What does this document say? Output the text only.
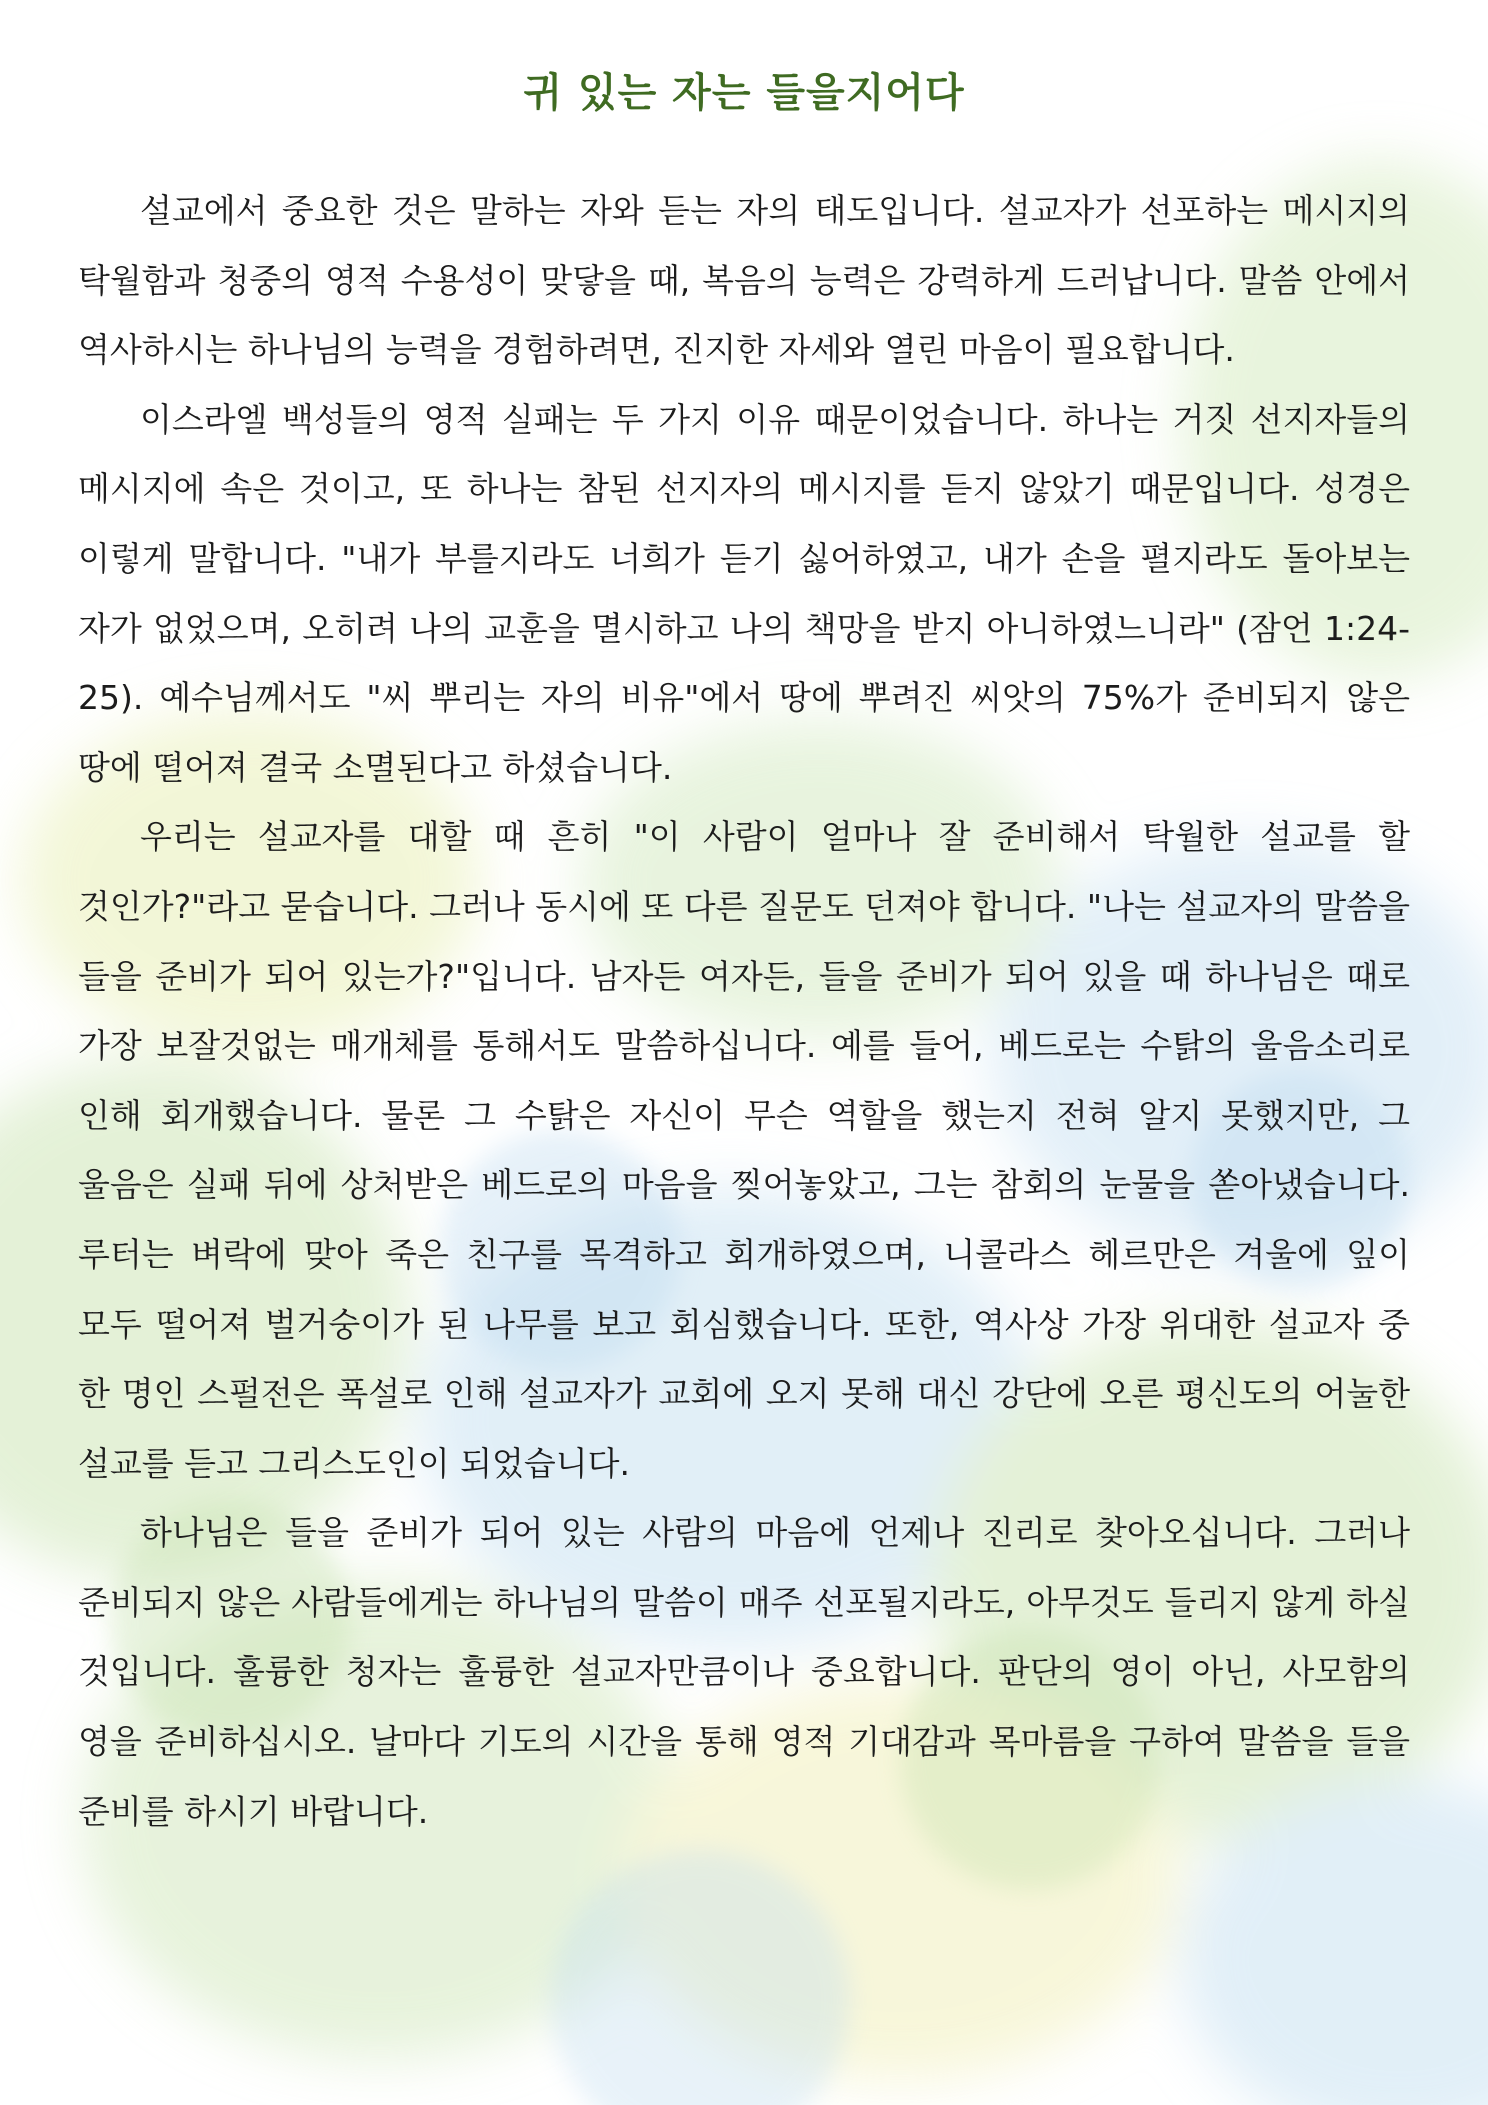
귀 있는 자는 들을지어다

설교에서 중요한 것은 말하는 자와 듣는 자의 태도입니다. 설교자가 선포하는 메시지의 탁월함과 청중의 영적 수용성이 맞닿을 때, 복음의 능력은 강력하게 드러납니다. 말씀 안에서 역사하시는 하나님의 능력을 경험하려면, 진지한 자세와 열린 마음이 필요합니다.

이스라엘 백성들의 영적 실패는 두 가지 이유 때문이었습니다. 하나는 거짓 선지자들의 메시지에 속은 것이고, 또 하나는 참된 선지자의 메시지를 듣지 않았기 때문입니다. 성경은 이렇게 말합니다. "내가 부를지라도 너희가 듣기 싫어하였고, 내가 손을 펼지라도 돌아보는 자가 없었으며, 오히려 나의 교훈을 멸시하고 나의 책망을 받지 아니하였느니라" (잠언 1:24-25). 예수님께서도 "씨 뿌리는 자의 비유"에서 땅에 뿌려진 씨앗의 75%가 준비되지 않은 땅에 떨어져 결국 소멸된다고 하셨습니다.

우리는 설교자를 대할 때 흔히 "이 사람이 얼마나 잘 준비해서 탁월한 설교를 할 것인가?"라고 묻습니다. 그러나 동시에 또 다른 질문도 던져야 합니다. "나는 설교자의 말씀을 들을 준비가 되어 있는가?"입니다. 남자든 여자든, 들을 준비가 되어 있을 때 하나님은 때로 가장 보잘것없는 매개체를 통해서도 말씀하십니다. 예를 들어, 베드로는 수탉의 울음소리로 인해 회개했습니다. 물론 그 수탉은 자신이 무슨 역할을 했는지 전혀 알지 못했지만, 그 울음은 실패 뒤에 상처받은 베드로의 마음을 찢어놓았고, 그는 참회의 눈물을 쏟아냈습니다. 루터는 벼락에 맞아 죽은 친구를 목격하고 회개하였으며, 니콜라스 헤르만은 겨울에 잎이 모두 떨어져 벌거숭이가 된 나무를 보고 회심했습니다. 또한, 역사상 가장 위대한 설교자 중 한 명인 스펄전은 폭설로 인해 설교자가 교회에 오지 못해 대신 강단에 오른 평신도의 어눌한 설교를 듣고 그리스도인이 되었습니다.

하나님은 들을 준비가 되어 있는 사람의 마음에 언제나 진리로 찾아오십니다. 그러나 준비되지 않은 사람들에게는 하나님의 말씀이 매주 선포될지라도, 아무것도 들리지 않게 하실 것입니다. 훌륭한 청자는 훌륭한 설교자만큼이나 중요합니다. 판단의 영이 아닌, 사모함의 영을 준비하십시오. 날마다 기도의 시간을 통해 영적 기대감과 목마름을 구하여 말씀을 들을 준비를 하시기 바랍니다.
